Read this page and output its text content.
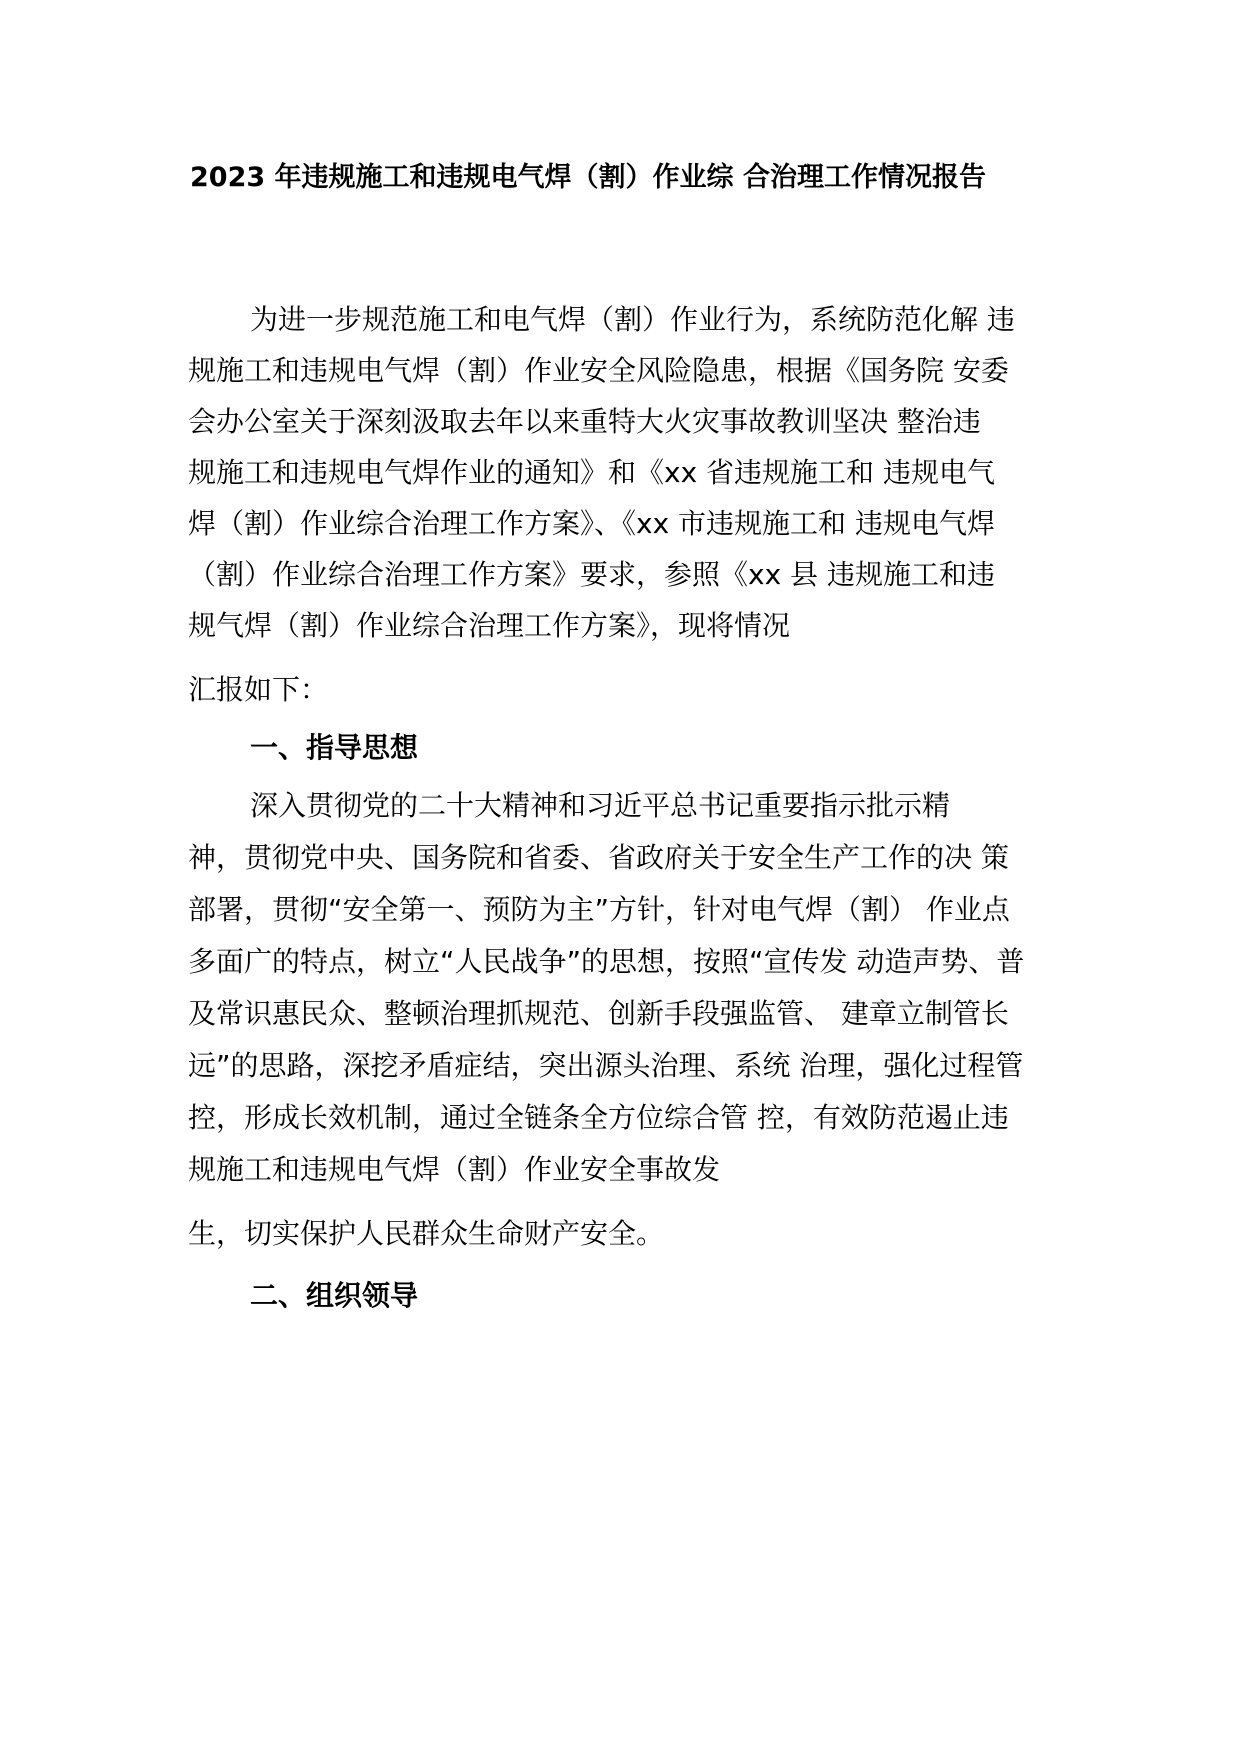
2023 年违规施工和违规电气焊（割）作业综 合治理工作情况报告
为进一步规范施工和电气焊（割）作业行为，系统防范化解 违
规施工和违规电气焊（割）作业安全风险隐患，根据《国务院 安委
会办公室关于深刻汲取去年以来重特大火灾事故教训坚决 整治违
规施工和违规电气焊作业的通知》和《xx 省违规施工和 违规电气
焊（割）作业综合治理工作方案》、《xx 市违规施工和 违规电气焊
（割）作业综合治理工作方案》要求，参照《xx 县 违规施工和违
规气焊（割）作业综合治理工作方案》，现将情况
汇报如下：
一、指导思想
深入贯彻党的二十大精神和习近平总书记重要指示批示精
神，贯彻党中央、国务院和省委、省政府关于安全生产工作的决 策
部署，贯彻“安全第一、预防为主”方针，针对电气焊（割） 作业点
多面广的特点，树立“人民战争”的思想，按照“宣传发 动造声势、普
及常识惠民众、整顿治理抓规范、创新手段强监管、 建章立制管长
远”的思路，深挖矛盾症结，突出源头治理、系统 治理，强化过程管
控，形成长效机制，通过全链条全方位综合管 控，有效防范遏止违
规施工和违规电气焊（割）作业安全事故发
生，切实保护人民群众生命财产安全。
二、组织领导
